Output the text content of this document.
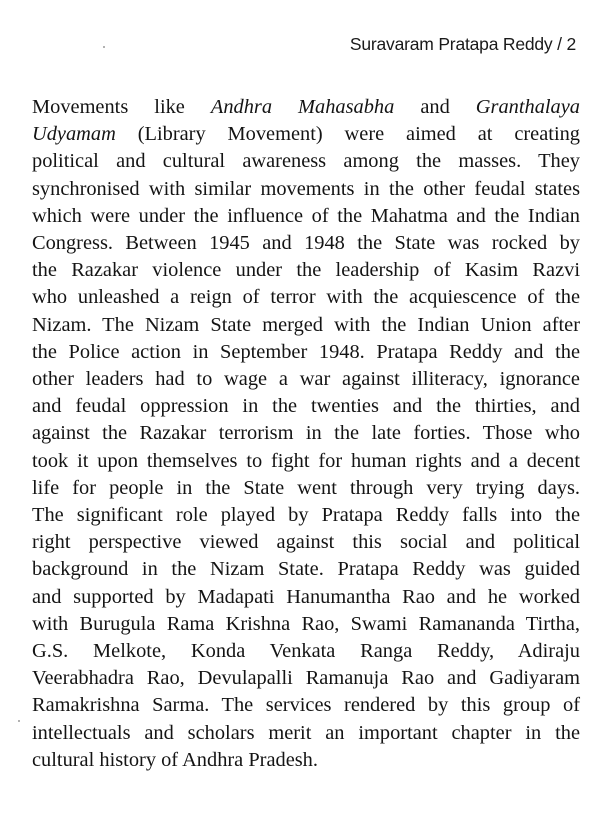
Suravaram Pratapa Reddy / 2

Movements like Andhra Mahasabha and Granthalaya
Udyamam (Library Movement) were aimed at creating
political and cultural awareness among the masses. They
synchronised with similar movements in the other feudal states
which were under the influence of the Mahatma and the Indian
Congress. Between 1945 and 1948 the State was rocked by
the Razakar violence under the leadership of Kasim Razvi
who unleashed a reign of terror with the acquiescence of the
Nizam. The Nizam State merged with the Indian Union after
the Police action in September 1948. Pratapa Reddy and the
other leaders had to wage a war against illiteracy, ignorance
and feudal oppression in the twenties and the thirties, and
against the Razakar terrorism in the late forties. Those who
took it upon themselves to fight for human rights and a decent
life for people in the State went through very trying days.
The significant role played by Pratapa Reddy falls into the
right perspective viewed against this social and political
background in the Nizam State. Pratapa Reddy was guided
and supported by Madapati Hanumantha Rao and he worked
with Burugula Rama Krishna Rao, Swami Ramananda Tirtha,
G.S. Melkote, Konda Venkata Ranga Reddy, Adiraju
Veerabhadra Rao, Devulapalli Ramanuja Rao and Gadiyaram
Ramakrishna Sarma. The services rendered by this group of
intellectuals and scholars merit an important chapter in the
cultural history of Andhra Pradesh.
